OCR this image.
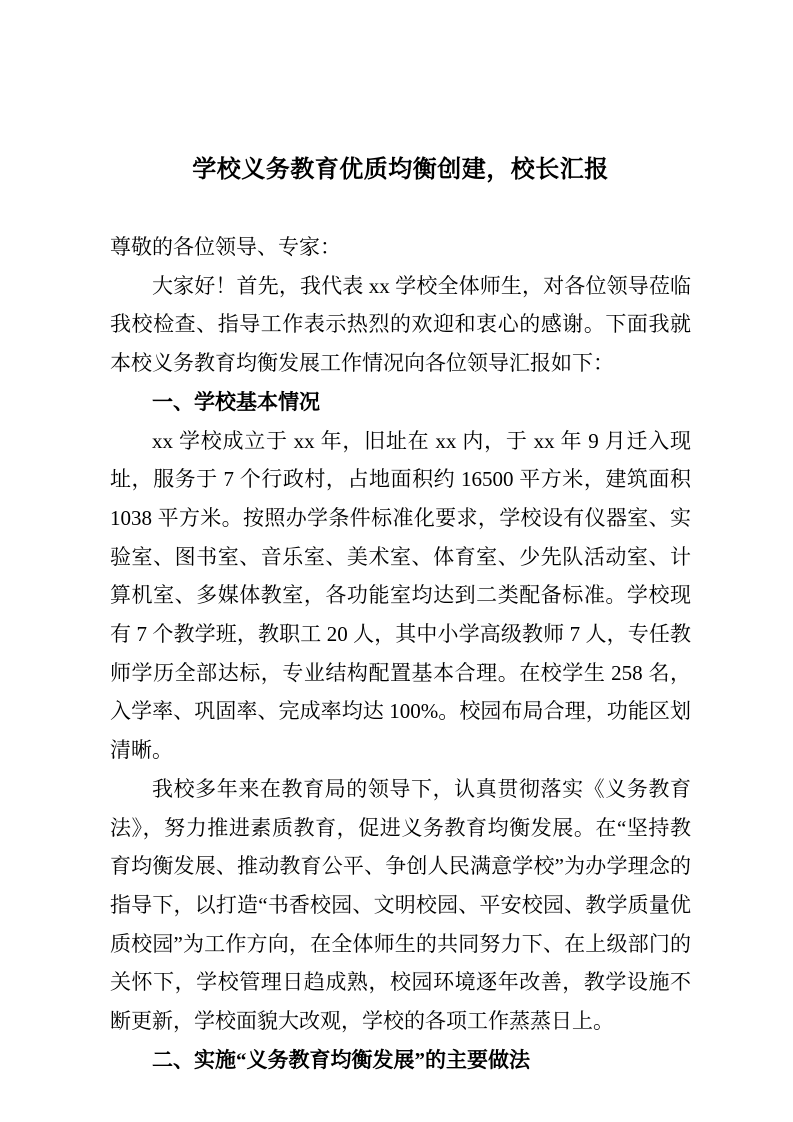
学校义务教育优质均衡创建，校长汇报

尊敬的各位领导、专家：

大家好！首先，我代表 xx 学校全体师生，对各位领导莅临我校检查、指导工作表示热烈的欢迎和衷心的感谢。下面我就本校义务教育均衡发展工作情况向各位领导汇报如下：

一、学校基本情况

xx 学校成立于 xx 年，旧址在 xx 内，于 xx 年 9 月迁入现址，服务于 7 个行政村，占地面积约 16500 平方米，建筑面积 1038 平方米。按照办学条件标准化要求，学校设有仪器室、实验室、图书室、音乐室、美术室、体育室、少先队活动室、计算机室、多媒体教室，各功能室均达到二类配备标准。学校现有 7 个教学班，教职工 20 人，其中小学高级教师 7 人，专任教师学历全部达标，专业结构配置基本合理。在校学生 258 名，入学率、巩固率、完成率均达 100%。校园布局合理，功能区划清晰。

我校多年来在教育局的领导下，认真贯彻落实《义务教育法》，努力推进素质教育，促进义务教育均衡发展。在“坚持教育均衡发展、推动教育公平、争创人民满意学校”为办学理念的指导下，以打造“书香校园、文明校园、平安校园、教学质量优质校园”为工作方向，在全体师生的共同努力下、在上级部门的关怀下，学校管理日趋成熟，校园环境逐年改善，教学设施不断更新，学校面貌大改观，学校的各项工作蒸蒸日上。

二、实施“义务教育均衡发展”的主要做法
